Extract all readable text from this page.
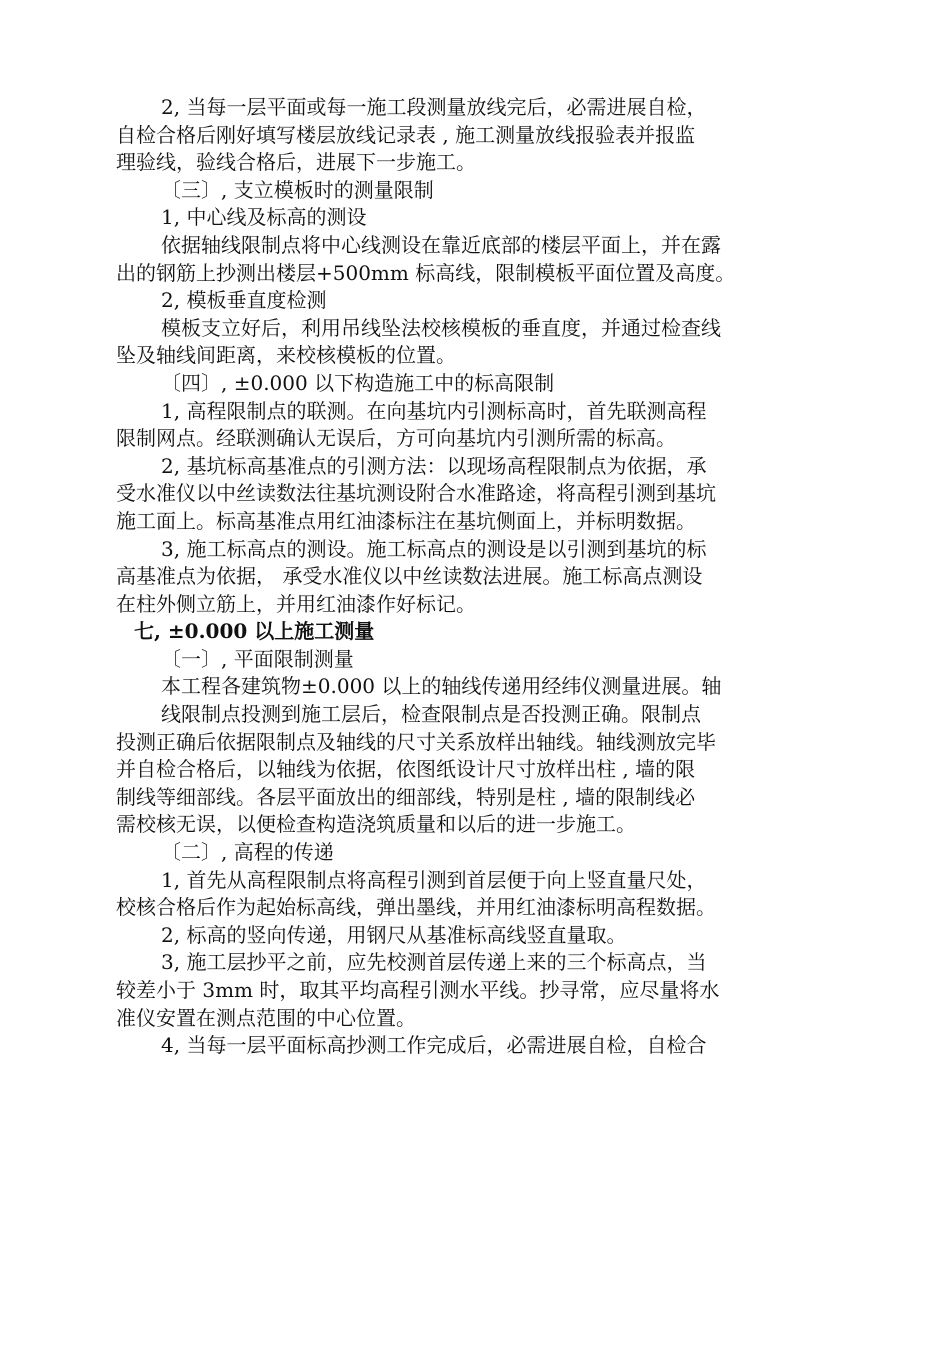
2, 当每一层平面或每一施工段测量放线完后，必需进展自检，
自检合格后刚好填写楼层放线记录表 , 施工测量放线报验表并报监
理验线，验线合格后，进展下一步施工。
〔三〕, 支立模板时的测量限制
1, 中心线及标高的测设
依据轴线限制点将中心线测设在靠近底部的楼层平面上，并在露
出的钢筋上抄测出楼层+500mm 标高线，限制模板平面位置及高度。
2, 模板垂直度检测
模板支立好后，利用吊线坠法校核模板的垂直度，并通过检查线
坠及轴线间距离，来校核模板的位置。
〔四〕, ±0.000 以下构造施工中的标高限制
1, 高程限制点的联测。在向基坑内引测标高时，首先联测高程
限制网点。经联测确认无误后，方可向基坑内引测所需的标高。
2, 基坑标高基准点的引测方法：以现场高程限制点为依据，承
受水准仪以中丝读数法往基坑测设附合水准路途，将高程引测到基坑
施工面上。标高基准点用红油漆标注在基坑侧面上，并标明数据。
3, 施工标高点的测设。施工标高点的测设是以引测到基坑的标
高基准点为依据， 承受水准仪以中丝读数法进展。施工标高点测设
在柱外侧立筋上，并用红油漆作好标记。
七, ±0.000 以上施工测量
〔一〕, 平面限制测量
本工程各建筑物±0.000 以上的轴线传递用经纬仪测量进展。轴
线限制点投测到施工层后，检查限制点是否投测正确。限制点
投测正确后依据限制点及轴线的尺寸关系放样出轴线。轴线测放完毕
并自检合格后，以轴线为依据，依图纸设计尺寸放样出柱 , 墙的限
制线等细部线。各层平面放出的细部线，特别是柱 , 墙的限制线必
需校核无误，以便检查构造浇筑质量和以后的进一步施工。
〔二〕, 高程的传递
1, 首先从高程限制点将高程引测到首层便于向上竖直量尺处，
校核合格后作为起始标高线，弹出墨线，并用红油漆标明高程数据。
2, 标高的竖向传递，用钢尺从基准标高线竖直量取。
3, 施工层抄平之前，应先校测首层传递上来的三个标高点，当
较差小于 3mm 时，取其平均高程引测水平线。抄寻常，应尽量将水
准仪安置在测点范围的中心位置。
4, 当每一层平面标高抄测工作完成后，必需进展自检，自检合
